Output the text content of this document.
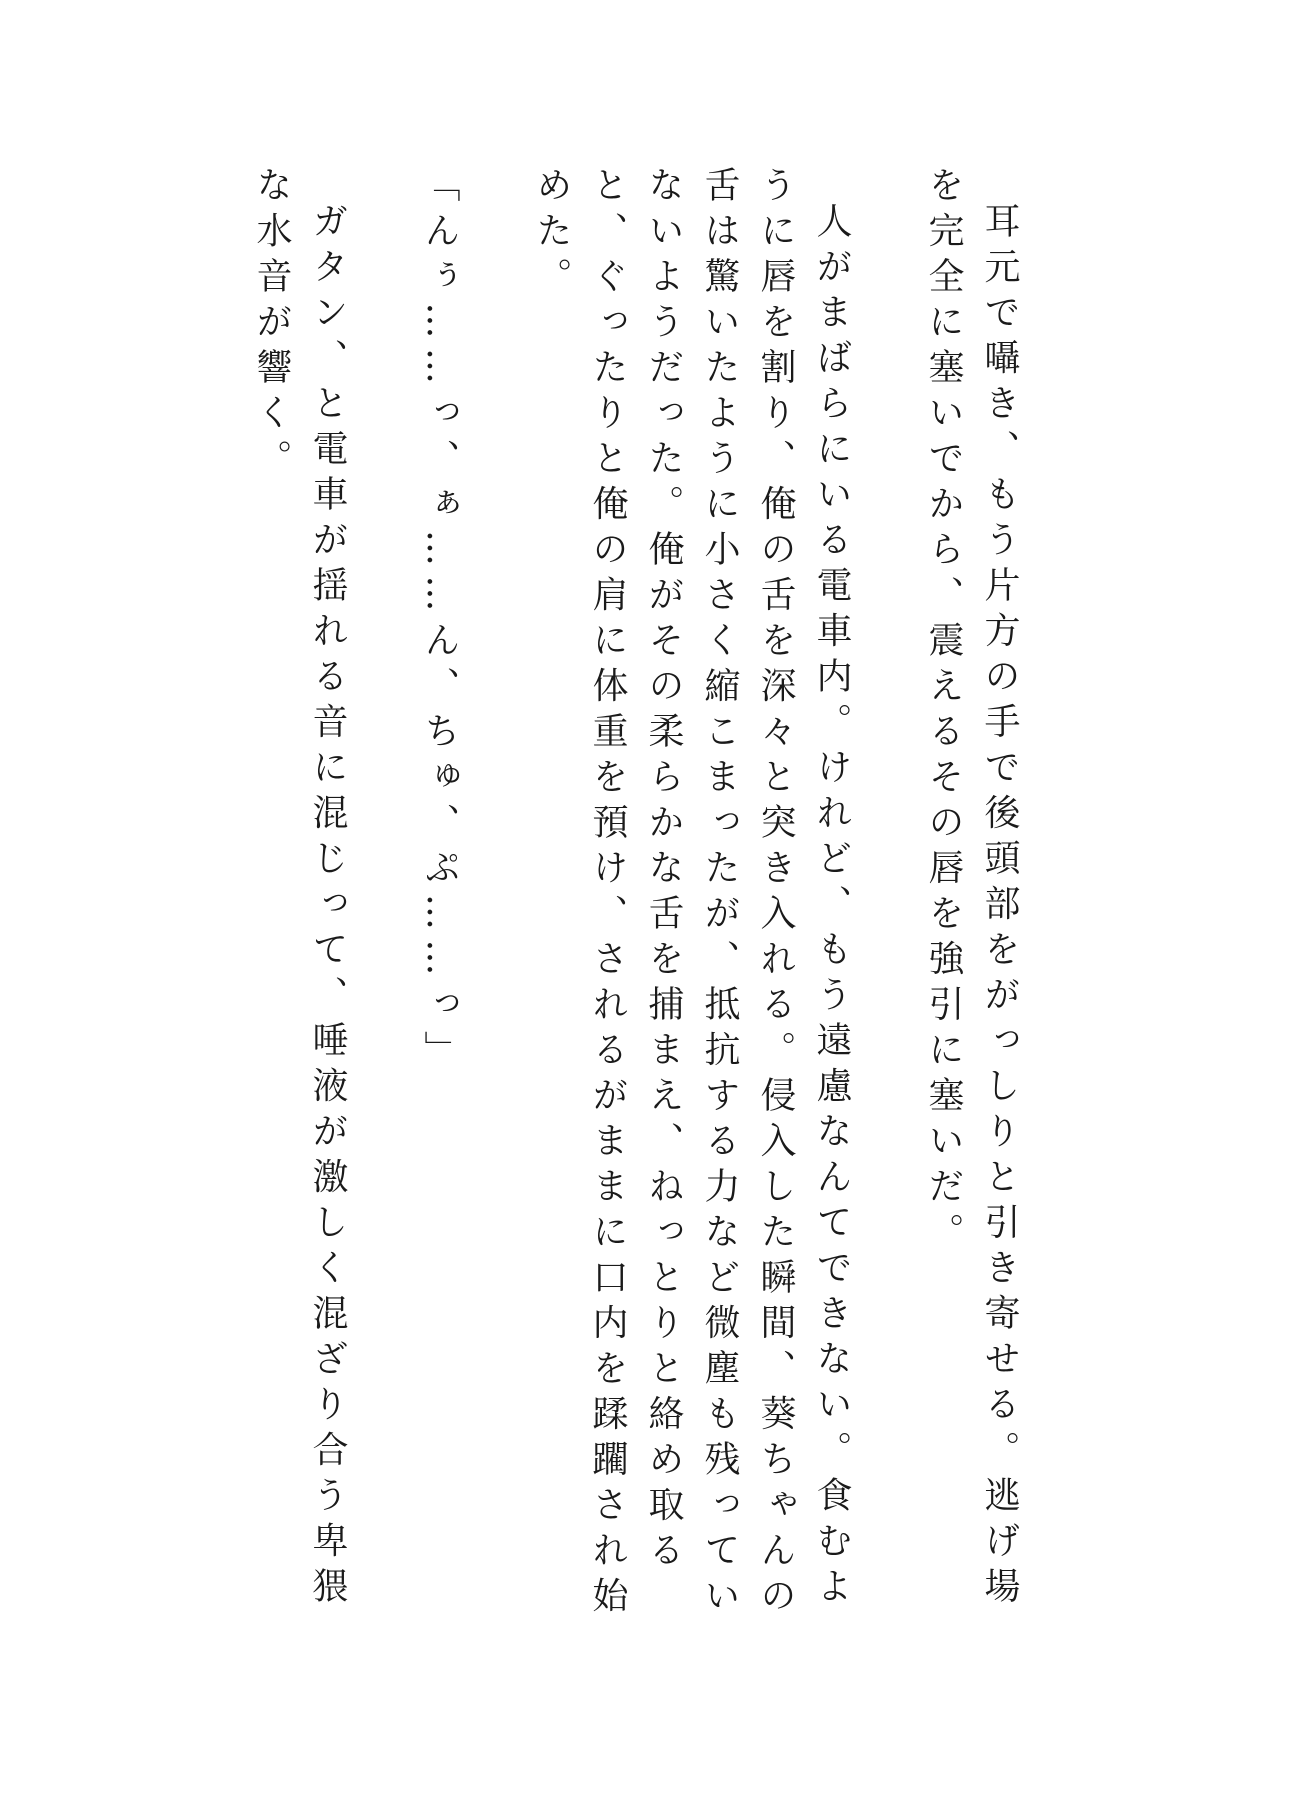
耳元で囁き、もう片方の手で後頭部をがっしりと引き寄せる。逃げ場を完全に塞いでから、震えるその唇を強引に塞いだ。

人がまばらにいる電車内。けれど、もう遠慮なんてできない。食むように唇を割り、俺の舌を深々と突き入れる。侵入した瞬間、葵ちゃんの舌は驚いたように小さく縮こまったが、抵抗する力など微塵も残っていないようだった。俺がその柔らかな舌を捕まえ、ねっとりと絡め取ると、ぐったりと俺の肩に体重を預け、されるがままに口内を蹂躙され始めた。

「んぅ……っ、ぁ……ん、ちゅ、ぷ……っ」

ガタン、と電車が揺れる音に混じって、唾液が激しく混ざり合う卑猥な水音が響く。
